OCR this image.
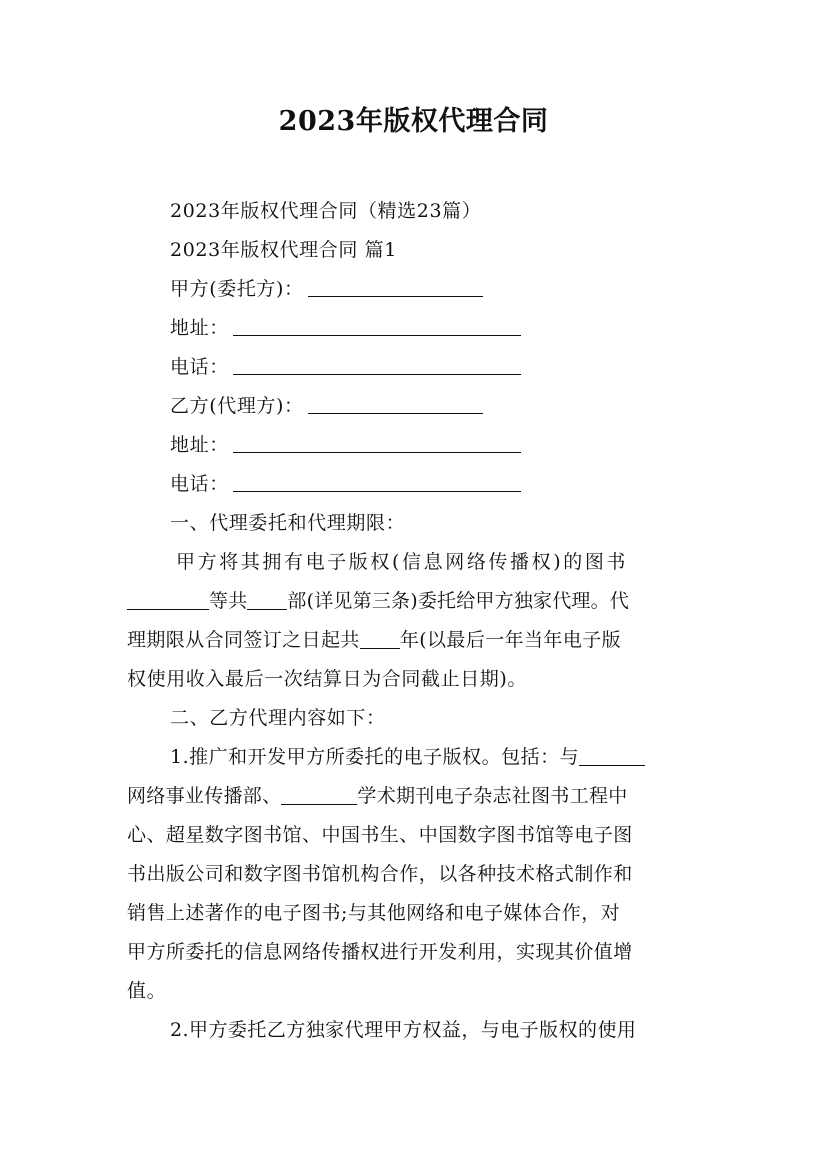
2023年版权代理合同
2023年版权代理合同（精选23篇）
2023年版权代理合同 篇1
甲方(委托方)：
地址：
电话：
乙方(代理方)：
地址：
电话：
一、代理委托和代理期限：
甲方将其拥有电子版权(信息网络传播权)的图书
等共 部(详见第三条)委托给甲方独家代理。代
理期限从合同签订之日起共 年(以最后一年当年电子版
权使用收入最后一次结算日为合同截止日期)。
二、乙方代理内容如下：
1.推广和开发甲方所委托的电子版权。包括：与
网络事业传播部、	学术期刊电子杂志社图书工程中
心、超星数字图书馆、中国书生、中国数字图书馆等电子图
书出版公司和数字图书馆机构合作，以各种技术格式制作和
销售上述著作的电子图书;与其他网络和电子媒体合作，对
甲方所委托的信息网络传播权进行开发利用，实现其价值增
值。
2.甲方委托乙方独家代理甲方权益，与电子版权的使用
